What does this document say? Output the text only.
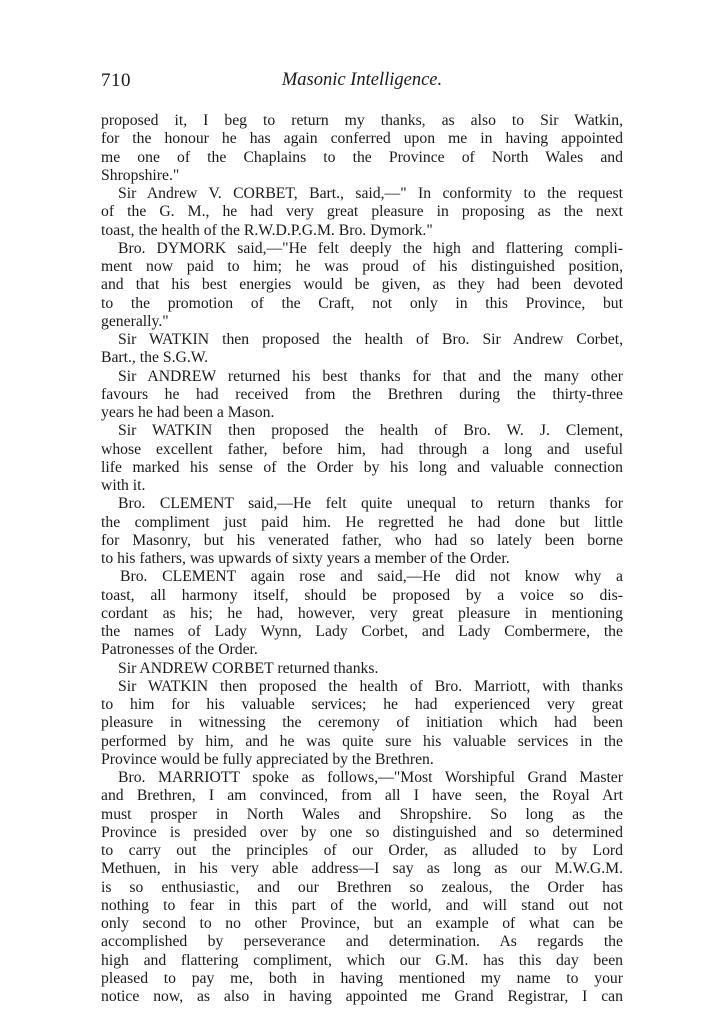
710	Masonic Intelligence.
proposed it, I beg to return my thanks, as also to Sir Watkin,
for the honour he has again conferred upon me in having appointed
me one of the Chaplains to the Province of North Wales and
Shropshire."
Sir Andrew V. CORBET, Bart., said,—" In conformity to the request
of the G. M., he had very great pleasure in proposing as the next
toast, the health of the R.W.D.P.G.M. Bro. Dymork."
Bro. DYMORK said,—"He felt deeply the high and flattering compli-
ment now paid to him; he was proud of his distinguished position,
and that his best energies would be given, as they had been devoted
to the promotion of the Craft, not only in this Province, but
generally."
Sir WATKIN then proposed the health of Bro. Sir Andrew Corbet,
Bart., the S.G.W.
Sir ANDREW returned his best thanks for that and the many other
favours he had received from the Brethren during the thirty-three
years he had been a Mason.
Sir WATKIN then proposed the health of Bro. W. J. Clement,
whose excellent father, before him, had through a long and useful
life marked his sense of the Order by his long and valuable connection
with it.
Bro. CLEMENT said,—He felt quite unequal to return thanks for
the compliment just paid him. He regretted he had done but little
for Masonry, but his venerated father, who had so lately been borne
to his fathers, was upwards of sixty years a member of the Order.
Bro. CLEMENT again rose and said,—He did not know why a
toast, all harmony itself, should be proposed by a voice so dis-
cordant as his; he had, however, very great pleasure in mentioning
the names of Lady Wynn, Lady Corbet, and Lady Combermere, the
Patronesses of the Order.
Sir ANDREW CORBET returned thanks.
Sir WATKIN then proposed the health of Bro. Marriott, with thanks
to him for his valuable services; he had experienced very great
pleasure in witnessing the ceremony of initiation which had been
performed by him, and he was quite sure his valuable services in the
Province would be fully appreciated by the Brethren.
Bro. MARRIOTT spoke as follows,—"Most Worshipful Grand Master
and Brethren, I am convinced, from all I have seen, the Royal Art
must prosper in North Wales and Shropshire. So long as the
Province is presided over by one so distinguished and so determined
to carry out the principles of our Order, as alluded to by Lord
Methuen, in his very able address—I say as long as our M.W.G.M.
is so enthusiastic, and our Brethren so zealous, the Order has
nothing to fear in this part of the world, and will stand out not
only second to no other Province, but an example of what can be
accomplished by perseverance and determination. As regards the
high and flattering compliment, which our G.M. has this day been
pleased to pay me, both in having mentioned my name to your
notice now, as also in having appointed me Grand Registrar, I can
